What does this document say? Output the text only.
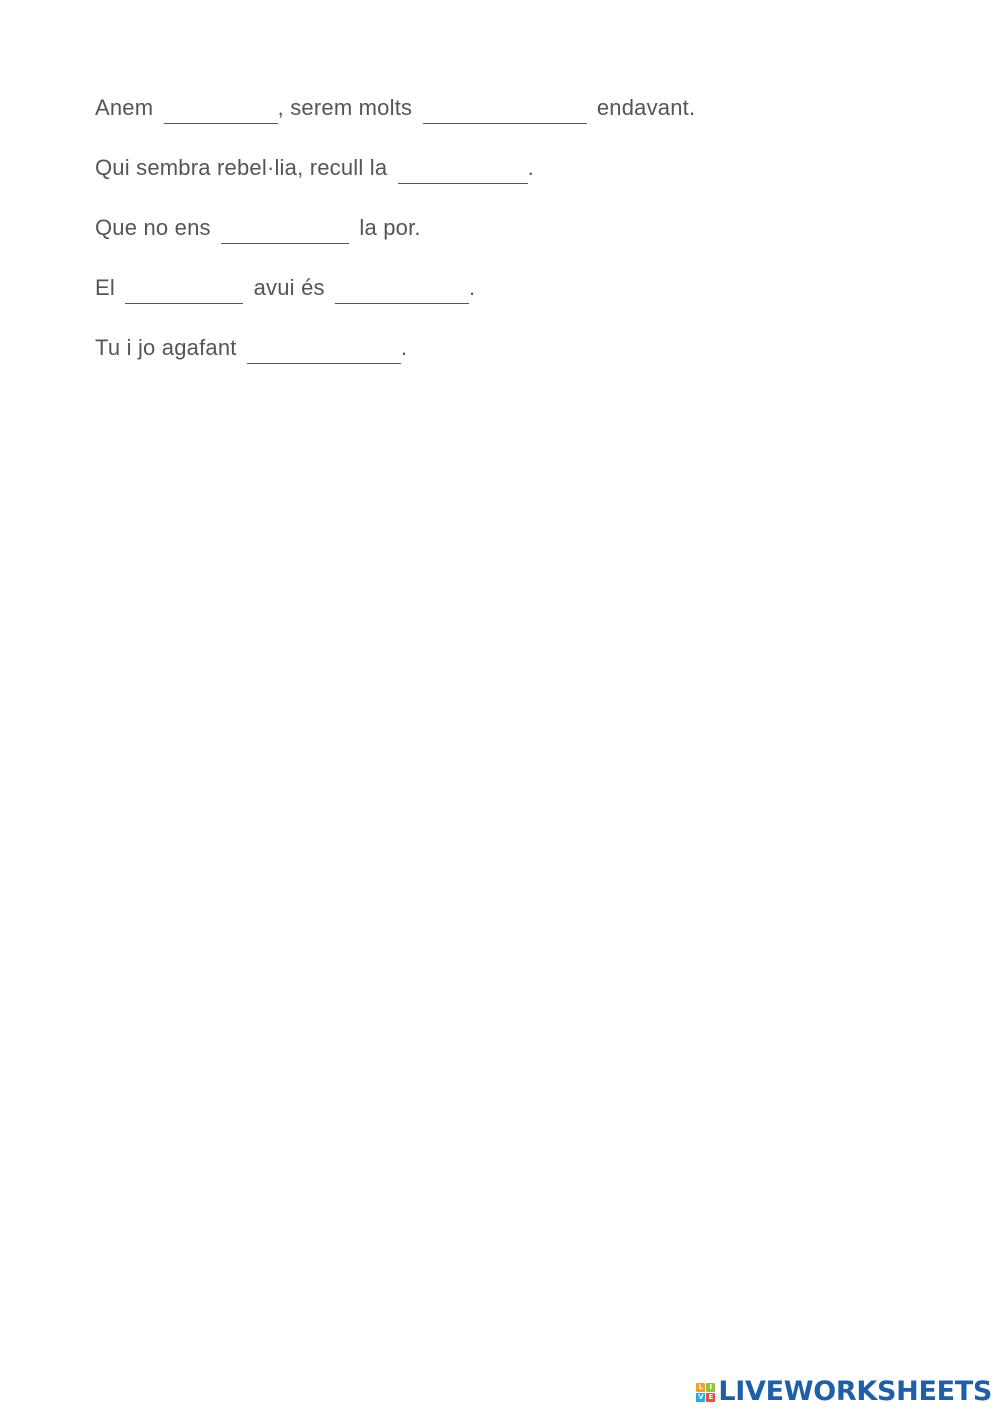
Anem	, serem molts	endavant.
Qui sembra rebel·lia, recull la	.
Que no ens	la por.
El	avui és	.
Tu i jo agafant	.
L I
V E LIVEWORKSHEETS
